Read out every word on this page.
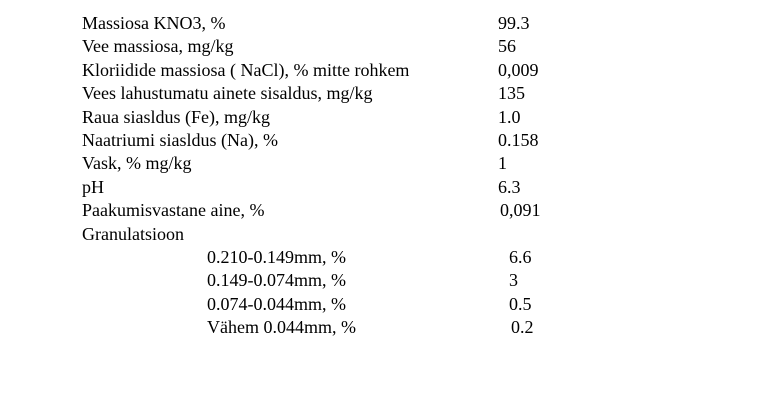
Massiosa KNO3, %	99.3
Vee massiosa, mg/kg	56
Kloriidide massiosa ( NaCl), % mitte rohkem	0,009
Vees lahustumatu ainete sisaldus, mg/kg	135
Raua siasldus (Fe), mg/kg	1.0
Naatriumi siasldus (Na), %	0.158
Vask, % mg/kg	1
pH	6.3
Paakumisvastane aine, %	0,091
Granulatsioon
0.210-0.149mm, %	6.6
0.149-0.074mm, %	3
0.074-0.044mm, %	0.5
Vähem 0.044mm, %	0.2
